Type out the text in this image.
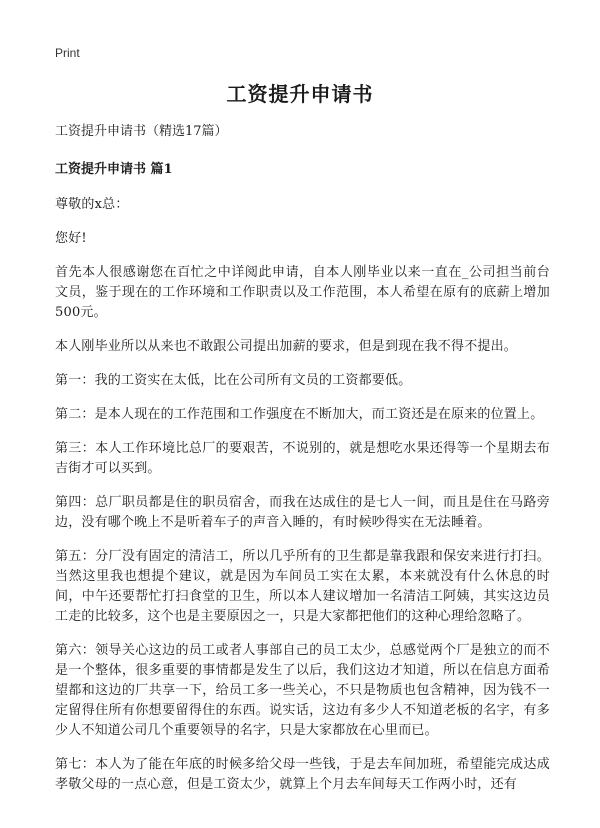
Print
工资提升申请书
工资提升申请书（精选17篇）
工资提升申请书 篇1

尊敬的x总：

您好!

首先本人很感谢您在百忙之中详阅此申请，自本人刚毕业以来一直在_公司担当前台文员，鉴于现在的工作环境和工作职责以及工作范围，本人希望在原有的底薪上增加500元。

本人刚毕业所以从来也不敢跟公司提出加薪的要求，但是到现在我不得不提出。

第一：我的工资实在太低，比在公司所有文员的工资都要低。

第二：是本人现在的工作范围和工作强度在不断加大，而工资还是在原来的位置上。

第三：本人工作环境比总厂的要艰苦，不说别的，就是想吃水果还得等一个星期去布吉街才可以买到。

第四：总厂职员都是住的职员宿舍，而我在达成住的是七人一间，而且是住在马路旁边，没有哪个晚上不是听着车子的声音入睡的，有时候吵得实在无法睡着。

第五：分厂没有固定的清洁工，所以几乎所有的卫生都是靠我跟和保安来进行打扫。当然这里我也想提个建议，就是因为车间员工实在太累，本来就没有什么休息的时间，中午还要帮忙打扫食堂的卫生，所以本人建议增加一名清洁工阿姨，其实这边员工走的比较多，这个也是主要原因之一，只是大家都把他们的这种心理给忽略了。

第六：领导关心这边的员工或者人事部自己的员工太少，总感觉两个厂是独立的而不是一个整体，很多重要的事情都是发生了以后，我们这边才知道，所以在信息方面希望都和这边的厂共享一下，给员工多一些关心，不只是物质也包含精神，因为钱不一定留得住所有你想要留得住的东西。说实话，这边有多少人不知道老板的名字，有多少人不知道公司几个重要领导的名字，只是大家都放在心里而已。

第七：本人为了能在年底的时候多给父母一些钱，于是去车间加班，希望能完成达成孝敬父母的一点心意，但是工资太少，就算上个月去车间每天工作两小时，还有
